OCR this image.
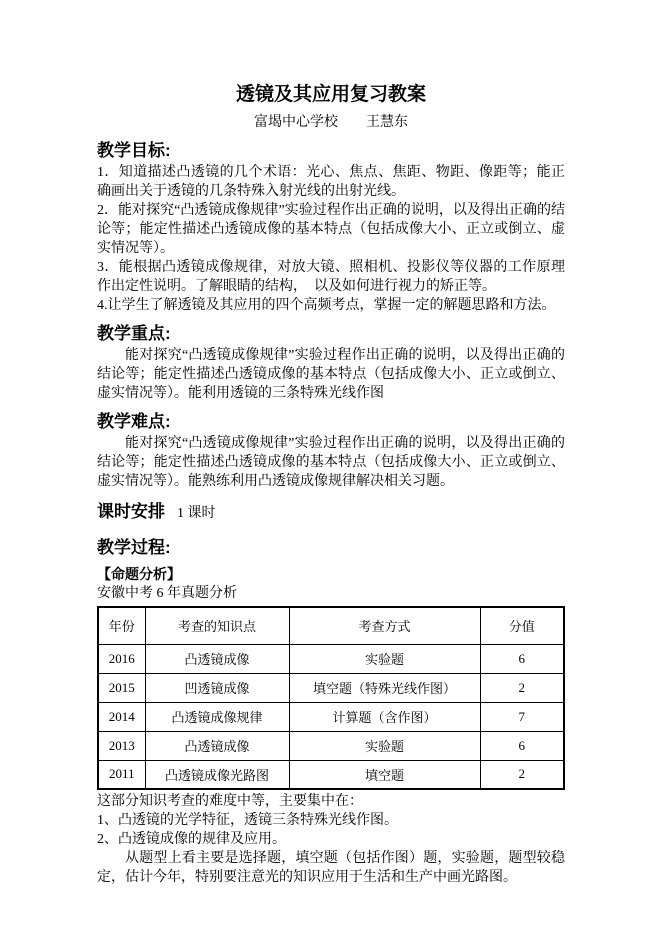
透镜及其应用复习教案
富堨中心学校　　王慧东
教学目标:

1．知道描述凸透镜的几个术语：光心、焦点、焦距、物距、像距等；能正确画出关于透镜的几条特殊入射光线的出射光线。

2．能对探究“凸透镜成像规律”实验过程作出正确的说明，以及得出正确的结论等；能定性描述凸透镜成像的基本特点（包括成像大小、正立或倒立、虚实情况等）。

3．能根据凸透镜成像规律，对放大镜、照相机、投影仪等仪器的工作原理作出定性说明。了解眼睛的结构，　以及如何进行视力的矫正等。

4.让学生了解透镜及其应用的四个高频考点，掌握一定的解题思路和方法。

教学重点:

能对探究“凸透镜成像规律”实验过程作出正确的说明，以及得出正确的结论等；能定性描述凸透镜成像的基本特点（包括成像大小、正立或倒立、虚实情况等）。能利用透镜的三条特殊光线作图

教学难点:

能对探究“凸透镜成像规律”实验过程作出正确的说明，以及得出正确的结论等；能定性描述凸透镜成像的基本特点（包括成像大小、正立或倒立、虚实情况等）。能熟练利用凸透镜成像规律解决相关习题。

课时安排 1 课时
教学过程:
【命题分析】
安徽中考 6 年真题分析
年份	考查的知识点	考查方式	分值
2016	凸透镜成像	实验题	6
2015	凹透镜成像	填空题（特殊光线作图）	2
2014	凸透镜成像规律	计算题（含作图）	7
2013	凸透镜成像	实验题	6
2011	凸透镜成像光路图	填空题	2
这部分知识考查的难度中等，主要集中在：
1、凸透镜的光学特征，透镜三条特殊光线作图。
2、凸透镜成像的规律及应用。

从题型上看主要是选择题，填空题（包括作图）题，实验题，题型较稳定，估计今年，特别要注意光的知识应用于生活和生产中画光路图。
